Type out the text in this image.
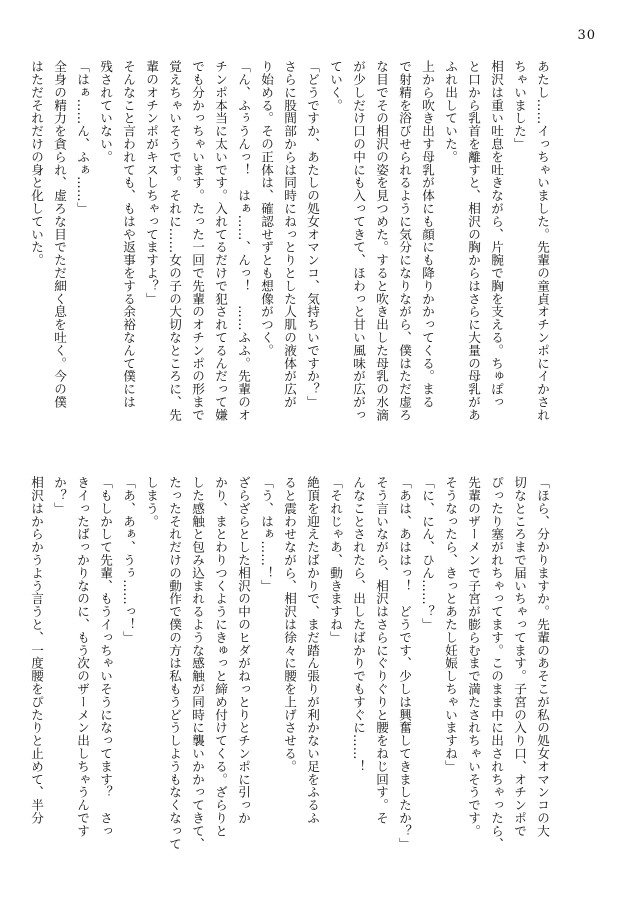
30
あたし……イっちゃいました。先輩の童貞オチンポにイかされ
ちゃいました」
相沢は重い吐息を吐きながら、片腕で胸を支える。ちゅぽっ
と口から乳首を離すと、相沢の胸からはさらに大量の母乳があ
ふれ出していた。
上から吹き出す母乳が体にも顔にも降りかかってくる。まる
で射精を浴びせられるように気分になりながら、僕はただ虚ろ
な目でその相沢の姿を見つめた。すると吹き出した母乳の水滴
が少しだけ口の中にも入ってきて、ほわっと甘い風味が広がっ
ていく。
「どうですか、あたしの処女オマンコ、気持ちいですか？」
さらに股間部からは同時にねっとりとした人肌の液体が広が
り始める。その正体は、確認せずとも想像がつく。
「ん、ふぅうんっ！　はぁ……、んっ！　……ふふ。先輩のオ
チンポ本当に太いです。入れてるだけで犯されてるんだって嫌
でも分かっちゃいます。たった一回で先輩のオチンポの形まで
覚えちゃいそうです。それに……女の子の大切なところに、先
輩のオチンポがキスしちゃってますよ？」
そんなこと言われても、もはや返事をする余裕なんて僕には
残されていない。
「はぁ……ん、ふぁ……」
全身の精力を貪られ、虚ろな目でただ細く息を吐く。今の僕
はただそれだけの身と化していた。
「ほら、分かりますか。先輩のあそこが私の処女オマンコの大
切なところまで届いちゃってます。子宮の入り口、オチンポで
ぴったり塞がれちゃってます。このまま中に出されちゃったら、
先輩のザーメンで子宮が膨らむまで満たされちゃいそうです。
そうなったら、きっとあたし妊娠しちゃいますね」
「に、にん、ひん……？」
「あは、あははっ！　どうです、少しは興奮してきましたか？」
そう言いながら、相沢はさらにぐりぐりと腰をねじ回す。そ
んなことされたら、出したばかりでもすぐに……！
「それじゃあ、動きますね」
絶頂を迎えたばかりで、まだ踏ん張りが利かない足をふるふ
ると震わせながら、相沢は徐々に腰を上げさせる。
「う、はぁ……！」
ざらざらとした相沢の中のヒダがねっとりとチンポに引っか
かり、まとわりつくようにきゅっと締め付けてくる。ざらりと
した感触と包み込まれるような感触が同時に襲いかかってきて、
たったそれだけの動作で僕の方は私もうどうしようもなくなって
しまう。
「あ、あぁ、うぅ……っ！」
「もしかして先輩、もうイっちゃいそうになってます？　さっ
きイったばっかりなのに、もう次のザーメン出しちゃうんです
か？」
相沢はからかうよう言うと、一度腰をぴたりと止めて、半分
